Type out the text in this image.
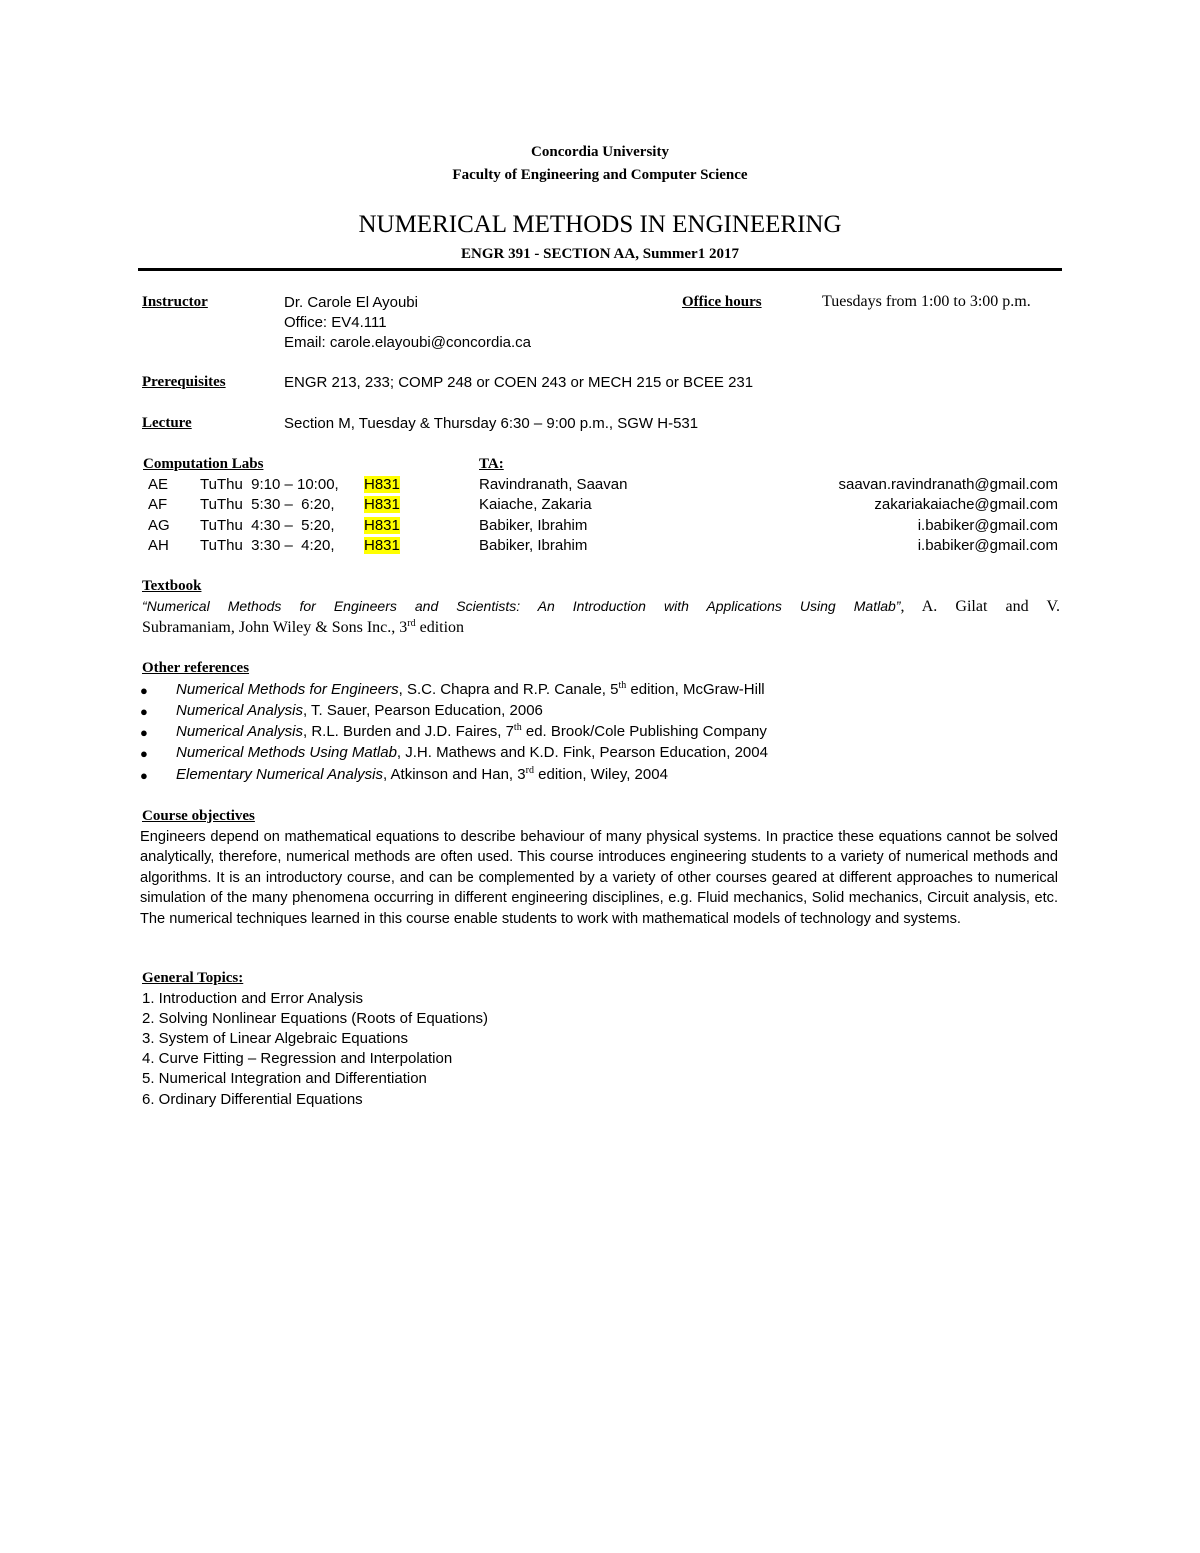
Concordia University
Faculty of Engineering and Computer Science
NUMERICAL METHODS IN ENGINEERING
ENGR 391 - SECTION AA, Summer1 2017
Instructor	Dr. Carole El Ayoubi
Office: EV4.111
Email: carole.elayoubi@concordia.ca
Office hours	Tuesdays from 1:00 to 3:00 p.m.
Prerequisites	ENGR 213, 233; COMP 248 or COEN 243 or MECH 215 or BCEE 231
Lecture	Section M, Tuesday & Thursday 6:30 – 9:00 p.m., SGW H-531
Computation Labs	TA:
AE TuThu  9:10 – 10:00, H831	Ravindranath, Saavan	saavan.ravindranath@gmail.com
AF TuThu  5:30 –  6:20, H831	Kaiache, Zakaria	zakariakaiache@gmail.com
AG TuThu  4:30 –  5:20, H831	Babiker, Ibrahim	i.babiker@gmail.com
AH TuThu  3:30 –  4:20, H831	Babiker, Ibrahim	i.babiker@gmail.com
Textbook
“Numerical Methods for Engineers and Scientists: An Introduction with Applications Using Matlab”, A. Gilat and V.
Subramaniam, John Wiley & Sons Inc., 3rd edition
Other references
● Numerical Methods for Engineers, S.C. Chapra and R.P. Canale, 5th edition, McGraw-Hill
● Numerical Analysis, T. Sauer, Pearson Education, 2006
● Numerical Analysis, R.L. Burden and J.D. Faires, 7th ed. Brook/Cole Publishing Company
● Numerical Methods Using Matlab, J.H. Mathews and K.D. Fink, Pearson Education, 2004
● Elementary Numerical Analysis, Atkinson and Han, 3rd edition, Wiley, 2004
Course objectives
Engineers depend on mathematical equations to describe behaviour of many physical systems. In practice these equations cannot be solved analytically, therefore, numerical methods are often used. This course introduces engineering students to a variety of numerical methods and algorithms. It is an introductory course, and can be complemented by a variety of other courses geared at different approaches to numerical simulation of the many phenomena occurring in different engineering disciplines, e.g. Fluid mechanics, Solid mechanics, Circuit analysis, etc. The numerical techniques learned in this course enable students to work with mathematical models of technology and systems.
General Topics:
1. Introduction and Error Analysis
2. Solving Nonlinear Equations (Roots of Equations)
3. System of Linear Algebraic Equations
4. Curve Fitting – Regression and Interpolation
5. Numerical Integration and Differentiation
6. Ordinary Differential Equations
